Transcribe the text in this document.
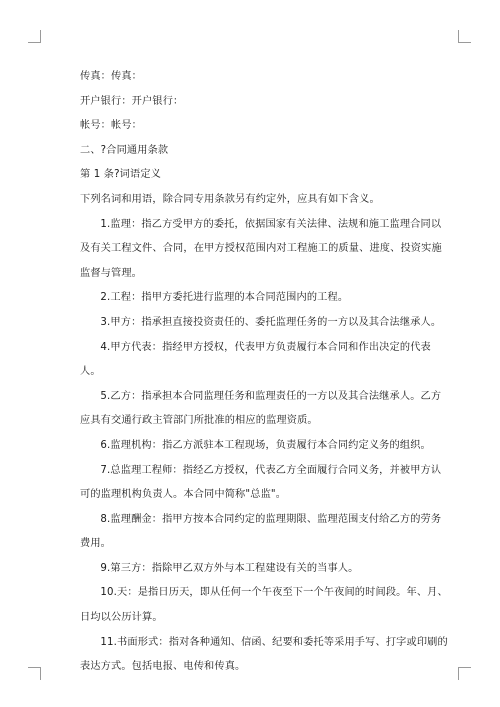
传真：传真：

开户银行：开户银行：

帐号：帐号：

二、?合同通用条款

第 1 条?词语定义

下列名词和用语，除合同专用条款另有约定外，应具有如下含义。

1.监理：指乙方受甲方的委托，依据国家有关法律、法规和施工监理合同以及有关工程文件、合同，在甲方授权范围内对工程施工的质量、进度、投资实施监督与管理。

2.工程：指甲方委托进行监理的本合同范围内的工程。

3.甲方：指承担直接投资责任的、委托监理任务的一方以及其合法继承人。

4.甲方代表：指经甲方授权，代表甲方负责履行本合同和作出决定的代表人。

5.乙方：指承担本合同监理任务和监理责任的一方以及其合法继承人。乙方应具有交通行政主管部门所批准的相应的监理资质。

6.监理机构：指乙方派驻本工程现场，负责履行本合同约定义务的组织。

7.总监理工程师：指经乙方授权，代表乙方全面履行合同义务，并被甲方认可的监理机构负责人。本合同中简称"总监"。

8.监理酬金：指甲方按本合同约定的监理期限、监理范围支付给乙方的劳务费用。

9.第三方：指除甲乙双方外与本工程建设有关的当事人。

10.天：是指日历天，即从任何一个午夜至下一个午夜间的时间段。年、月、日均以公历计算。

11.书面形式：指对各种通知、信函、纪要和委托等采用手写、打字或印刷的表达方式。包括电报、电传和传真。
